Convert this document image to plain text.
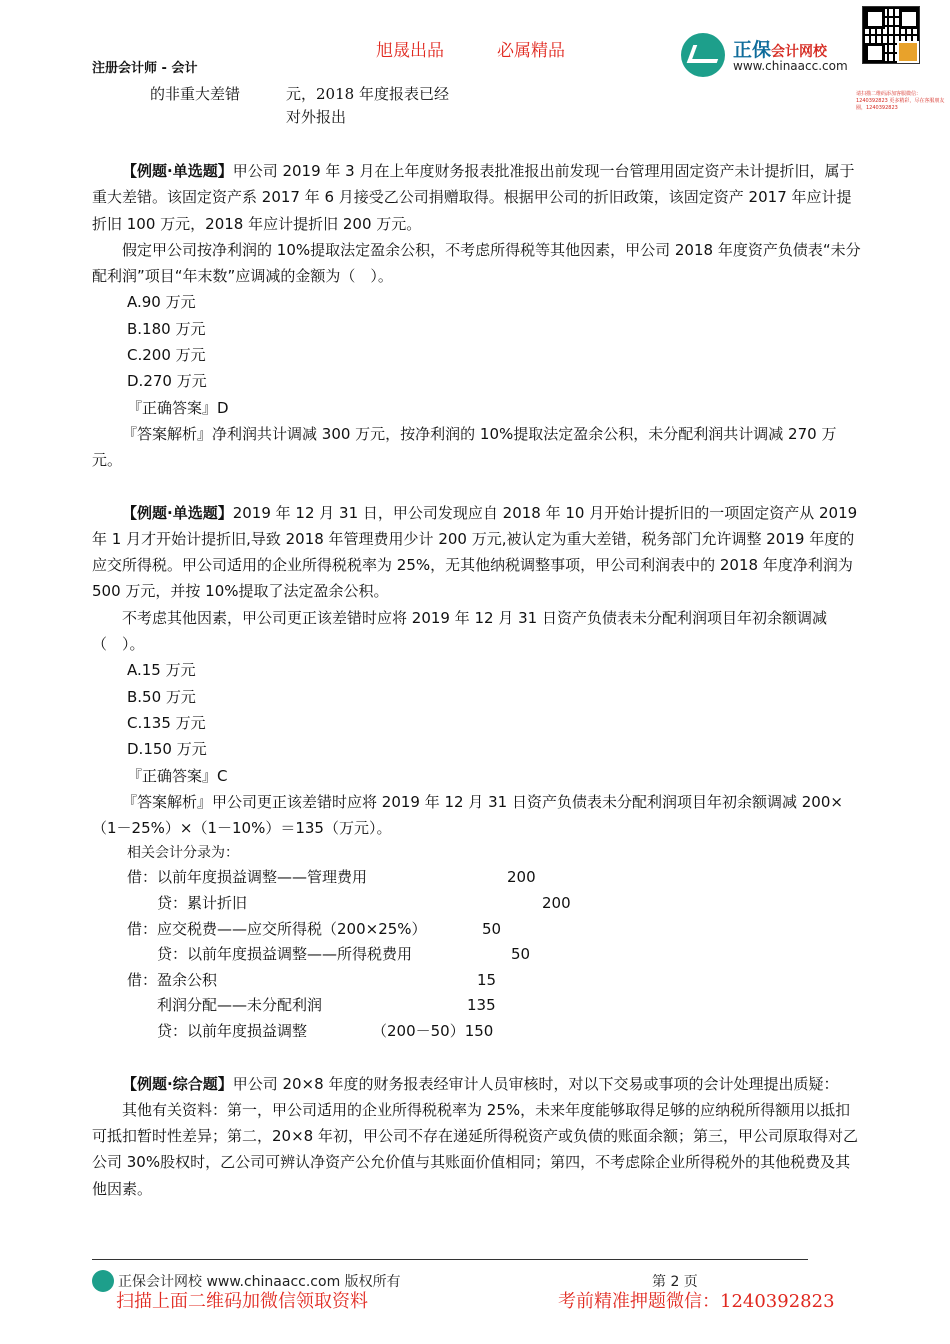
旭晟出品	必属精品
注册会计师 - 会计
正保会计网校
www.chinaacc.com
请扫描二维码添加客服微信：1240392823 更多精彩，尽在客服朋友圈，1240392823
的非重大差错	元，2018 年度报表已经
对外报出

【例题·单选题】甲公司 2019 年 3 月在上年度财务报表批准报出前发现一台管理用固定资产未计提折旧，属于重大差错。该固定资产系 2017 年 6 月接受乙公司捐赠取得。根据甲公司的折旧政策，该固定资产 2017 年应计提折旧 100 万元，2018 年应计提折旧 200 万元。

假定甲公司按净利润的 10%提取法定盈余公积，不考虑所得税等其他因素，甲公司 2018 年度资产负债表“未分配利润”项目“年末数”应调减的金额为（　）。

A.90 万元

B.180 万元

C.200 万元

D.270 万元

『正确答案』D

『答案解析』净利润共计调减 300 万元，按净利润的 10%提取法定盈余公积，未分配利润共计调减 270 万元。

【例题·单选题】2019 年 12 月 31 日，甲公司发现应自 2018 年 10 月开始计提折旧的一项固定资产从 2019 年 1 月才开始计提折旧,导致 2018 年管理费用少计 200 万元,被认定为重大差错，税务部门允许调整 2019 年度的应交所得税。甲公司适用的企业所得税税率为 25%，无其他纳税调整事项，甲公司利润表中的 2018 年度净利润为 500 万元，并按 10%提取了法定盈余公积。

不考虑其他因素，甲公司更正该差错时应将 2019 年 12 月 31 日资产负债表未分配利润项目年初余额调减（　）。

A.15 万元

B.50 万元

C.135 万元

D.150 万元

『正确答案』C

『答案解析』甲公司更正该差错时应将 2019 年 12 月 31 日资产负债表未分配利润项目年初余额调减 200×（1－25%）×（1－10%）＝135（万元）。

相关会计分录为：

借：以前年度损益调整——管理费用	200
　　贷：累计折旧	200
借：应交税费——应交所得税（200×25%）	50
　　贷：以前年度损益调整——所得税费用	50
借：盈余公积	15
　　利润分配——未分配利润	135
　　贷：以前年度损益调整	（200－50）150

【例题·综合题】甲公司 20×8 年度的财务报表经审计人员审核时，对以下交易或事项的会计处理提出质疑：

其他有关资料：第一，甲公司适用的企业所得税税率为 25%，未来年度能够取得足够的应纳税所得额用以抵扣可抵扣暂时性差异；第二，20×8 年初，甲公司不存在递延所得税资产或负债的账面余额；第三，甲公司原取得对乙公司 30%股权时，乙公司可辨认净资产公允价值与其账面价值相同；第四，不考虑除企业所得税外的其他税费及其他因素。

正保会计网校 www.chinaacc.com 版权所有	第 2 页
扫描上面二维码加微信领取资料	考前精准押题微信：1240392823
